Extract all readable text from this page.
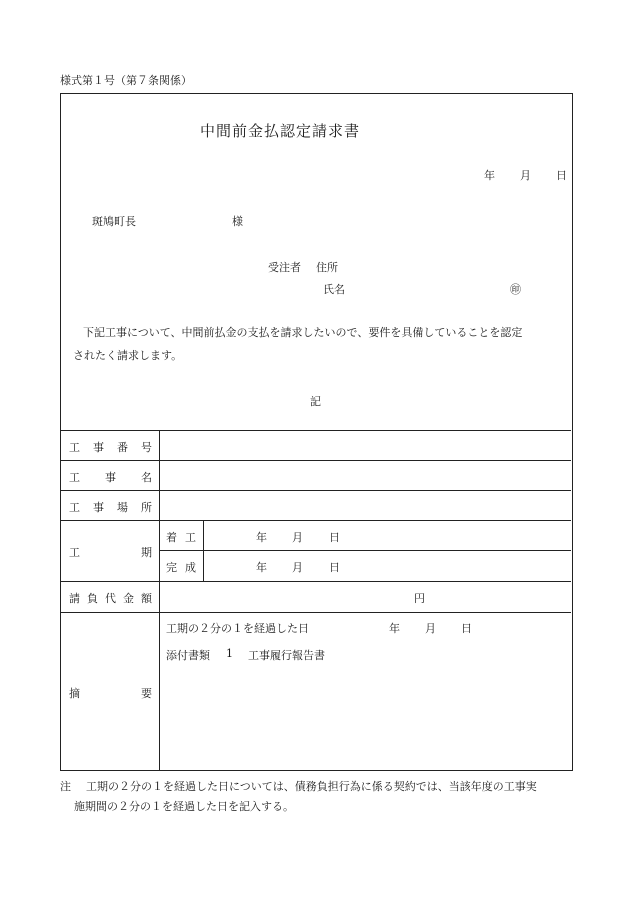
様式第１号（第７条関係）
中間前金払認定請求書
年 月 日
斑鳩町長	様
受注者 住所
氏名	㊞
下記工事について、中間前払金の支払を請求したいので、要件を具備していることを認定
されたく請求します。
記
工 事 番 号
工 事 名
工 事 場 所
工	期
着 工	年 月 日
完 成	年 月 日
請 負 代 金 額	円
摘	要
工期の２分の１を経過した日	年 月 日
添付書類 1 工事履行報告書
注 工期の２分の１を経過した日については、債務負担行為に係る契約では、当該年度の工事実
施期間の２分の１を経過した日を記入する。
